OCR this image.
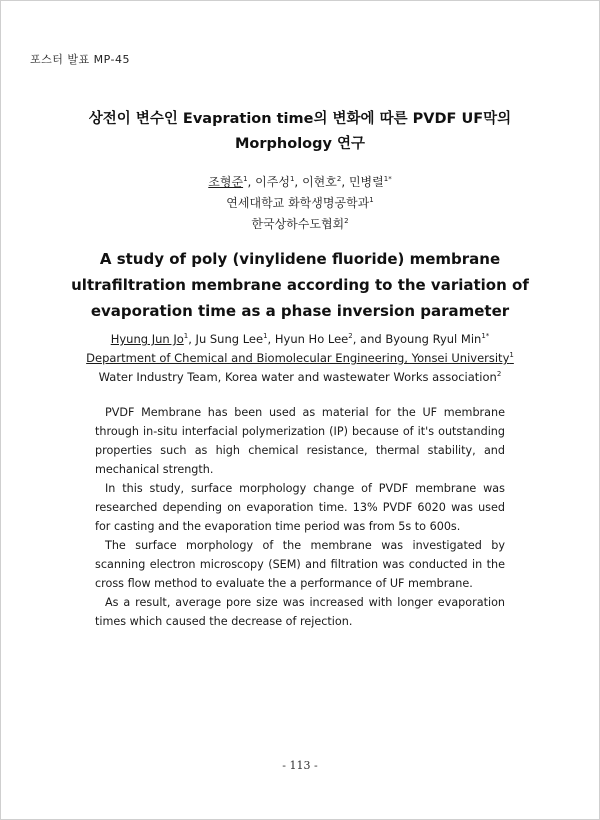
포스터 발표 MP-45
상전이 변수인 Evapration time의 변화에 따른 PVDF UF막의
Morphology 연구
조형준$^1$, 이주성$^1$, 이현호$^2$, 민병렬$^{1*}$
연세대학교 화학생명공학과$^1$
한국상하수도협회$^2$
A study of poly (vinylidene fluoride) membrane
ultrafiltration membrane according to the variation of
evaporation time as a phase inversion parameter
Hyung Jun Jo$^1$, Ju Sung Lee$^1$, Hyun Ho Lee$^2$, and Byoung Ryul Min$^{1*}$
Department of Chemical and Biomolecular Engineering, Yonsei University$^1$
Water Industry Team, Korea water and wastewater Works association$^2$

PVDF Membrane has been used as material for the UF membrane through in-situ interfacial polymerization (IP) because of it's outstanding properties such as high chemical resistance, thermal stability, and mechanical strength.

In this study, surface morphology change of PVDF membrane was researched depending on evaporation time. 13% PVDF 6020 was used for casting and the evaporation time period was from 5s to 600s.

The surface morphology of the membrane was investigated by scanning electron microscopy (SEM) and filtration was conducted in the cross flow method to evaluate the a performance of UF membrane.

As a result, average pore size was increased with longer evaporation times which caused the decrease of rejection.

- 113 -
